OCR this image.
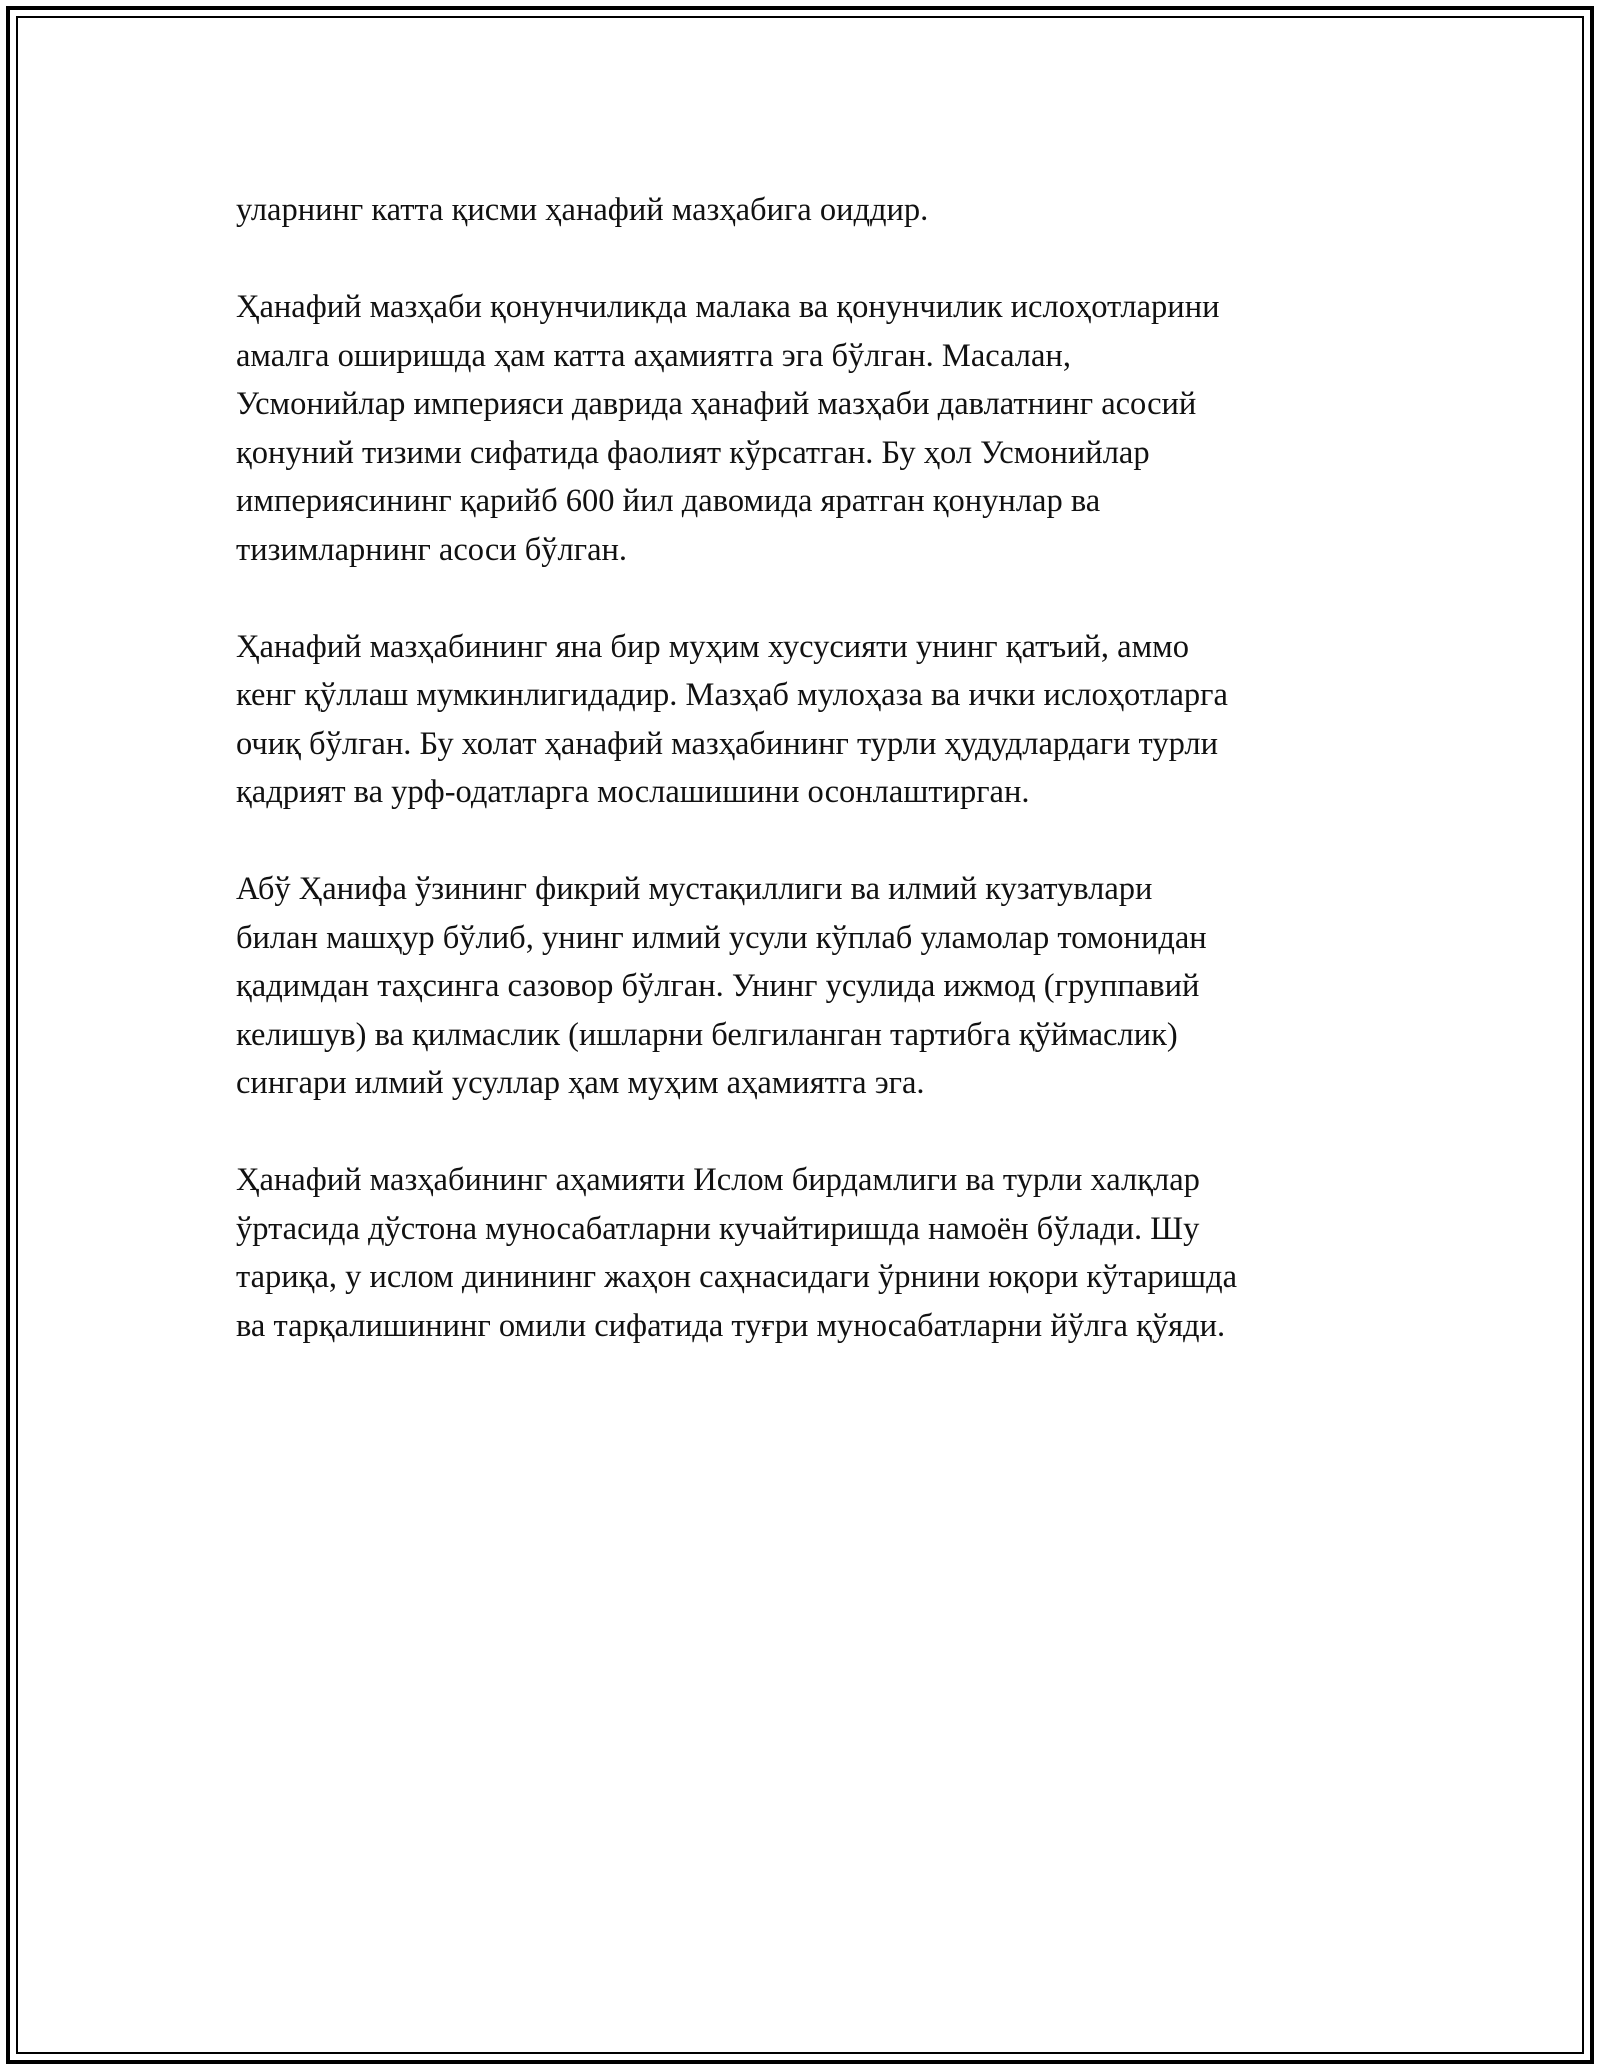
уларнинг катта қисми ҳанафий мазҳабига оиддир.

Ҳанафий мазҳаби қонунчиликда малака ва қонунчилик ислоҳотларини
амалга оширишда ҳам катта аҳамиятга эга бўлган. Масалан,
Усмонийлар империяси даврида ҳанафий мазҳаби давлатнинг асосий
қонуний тизими сифатида фаолият кўрсатган. Бу ҳол Усмонийлар
империясининг қарийб 600 йил давомида яратган қонунлар ва
тизимларнинг асоси бўлган.

Ҳанафий мазҳабининг яна бир муҳим хусусияти унинг қатъий, аммо
кенг қўллаш мумкинлигидадир. Мазҳаб мулоҳаза ва ички ислоҳотларга
очиқ бўлган. Бу холат ҳанафий мазҳабининг турли ҳудудлардаги турли
қадрият ва урф-одатларга мослашишини осонлаштирган.

Абў Ҳанифа ўзининг фикрий мустақиллиги ва илмий кузатувлари
билан машҳур бўлиб, унинг илмий усули кўплаб уламолар томонидан
қадимдан таҳсинга сазовор бўлган. Унинг усулида ижмод (группавий
келишув) ва қилмаслик (ишларни белгиланган тартибга қўймаслик)
сингари илмий усуллар ҳам муҳим аҳамиятга эга.

Ҳанафий мазҳабининг аҳамияти Ислом бирдамлиги ва турли халқлар
ўртасида дўстона муносабатларни кучайтиришда намоён бўлади. Шу
тариқа, у ислом динининг жаҳон саҳнасидаги ўрнини юқори кўтаришда
ва тарқалишининг омили сифатида туғри муносабатларни йўлга қўяди.
